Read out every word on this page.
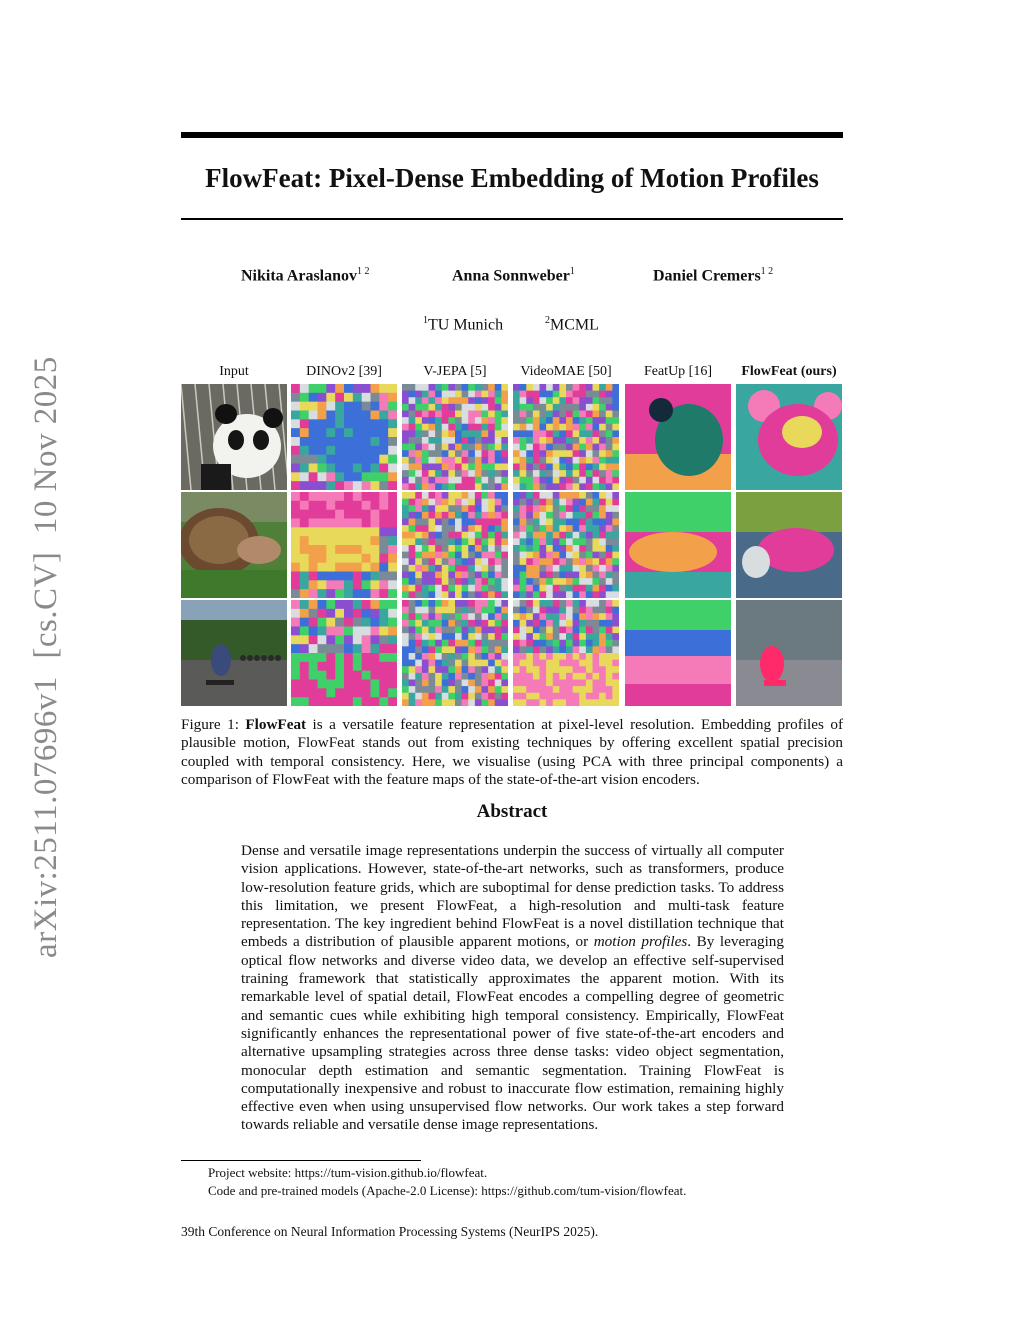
arXiv:2511.07696v1  [cs.CV]  10 Nov 2025
FlowFeat: Pixel-Dense Embedding of Motion Profiles
Nikita Araslanov$^{1 2}$	Anna Sonnweber$^1$	Daniel Cremers$^{1 2}$
$^1$TU Munich	$^2$MCML
Input	DINOv2 [39]	V-JEPA [5]	VideoMAE [50]	FeatUp [16]	FlowFeat (ours)
Figure 1: FlowFeat is a versatile feature representation at pixel-level resolution. Embedding profiles of plausible motion, FlowFeat stands out from existing techniques by offering excellent spatial precision coupled with temporal consistency. Here, we visualise (using PCA with three principal components) a comparison of FlowFeat with the feature maps of the state-of-the-art vision encoders.
Abstract
Dense and versatile image representations underpin the success of virtually all computer vision applications. However, state-of-the-art networks, such as transformers, produce low-resolution feature grids, which are suboptimal for dense prediction tasks. To address this limitation, we present FlowFeat, a high-resolution and multi-task feature representation. The key ingredient behind FlowFeat is a novel distillation technique that embeds a distribution of plausible apparent motions, or motion profiles. By leveraging optical flow networks and diverse video data, we develop an effective self-supervised training framework that statistically approximates the apparent motion. With its remarkable level of spatial detail, FlowFeat encodes a compelling degree of geometric and semantic cues while exhibiting high temporal consistency. Empirically, FlowFeat significantly enhances the representational power of five state-of-the-art encoders and alternative upsampling strategies across three dense tasks: video object segmentation, monocular depth estimation and semantic segmentation. Training FlowFeat is computationally inexpensive and robust to inaccurate flow estimation, remaining highly effective even when using unsupervised flow networks. Our work takes a step forward towards reliable and versatile dense image representations.
Project website: https://tum-vision.github.io/flowfeat.
Code and pre-trained models (Apache-2.0 License): https://github.com/tum-vision/flowfeat.
39th Conference on Neural Information Processing Systems (NeurIPS 2025).
